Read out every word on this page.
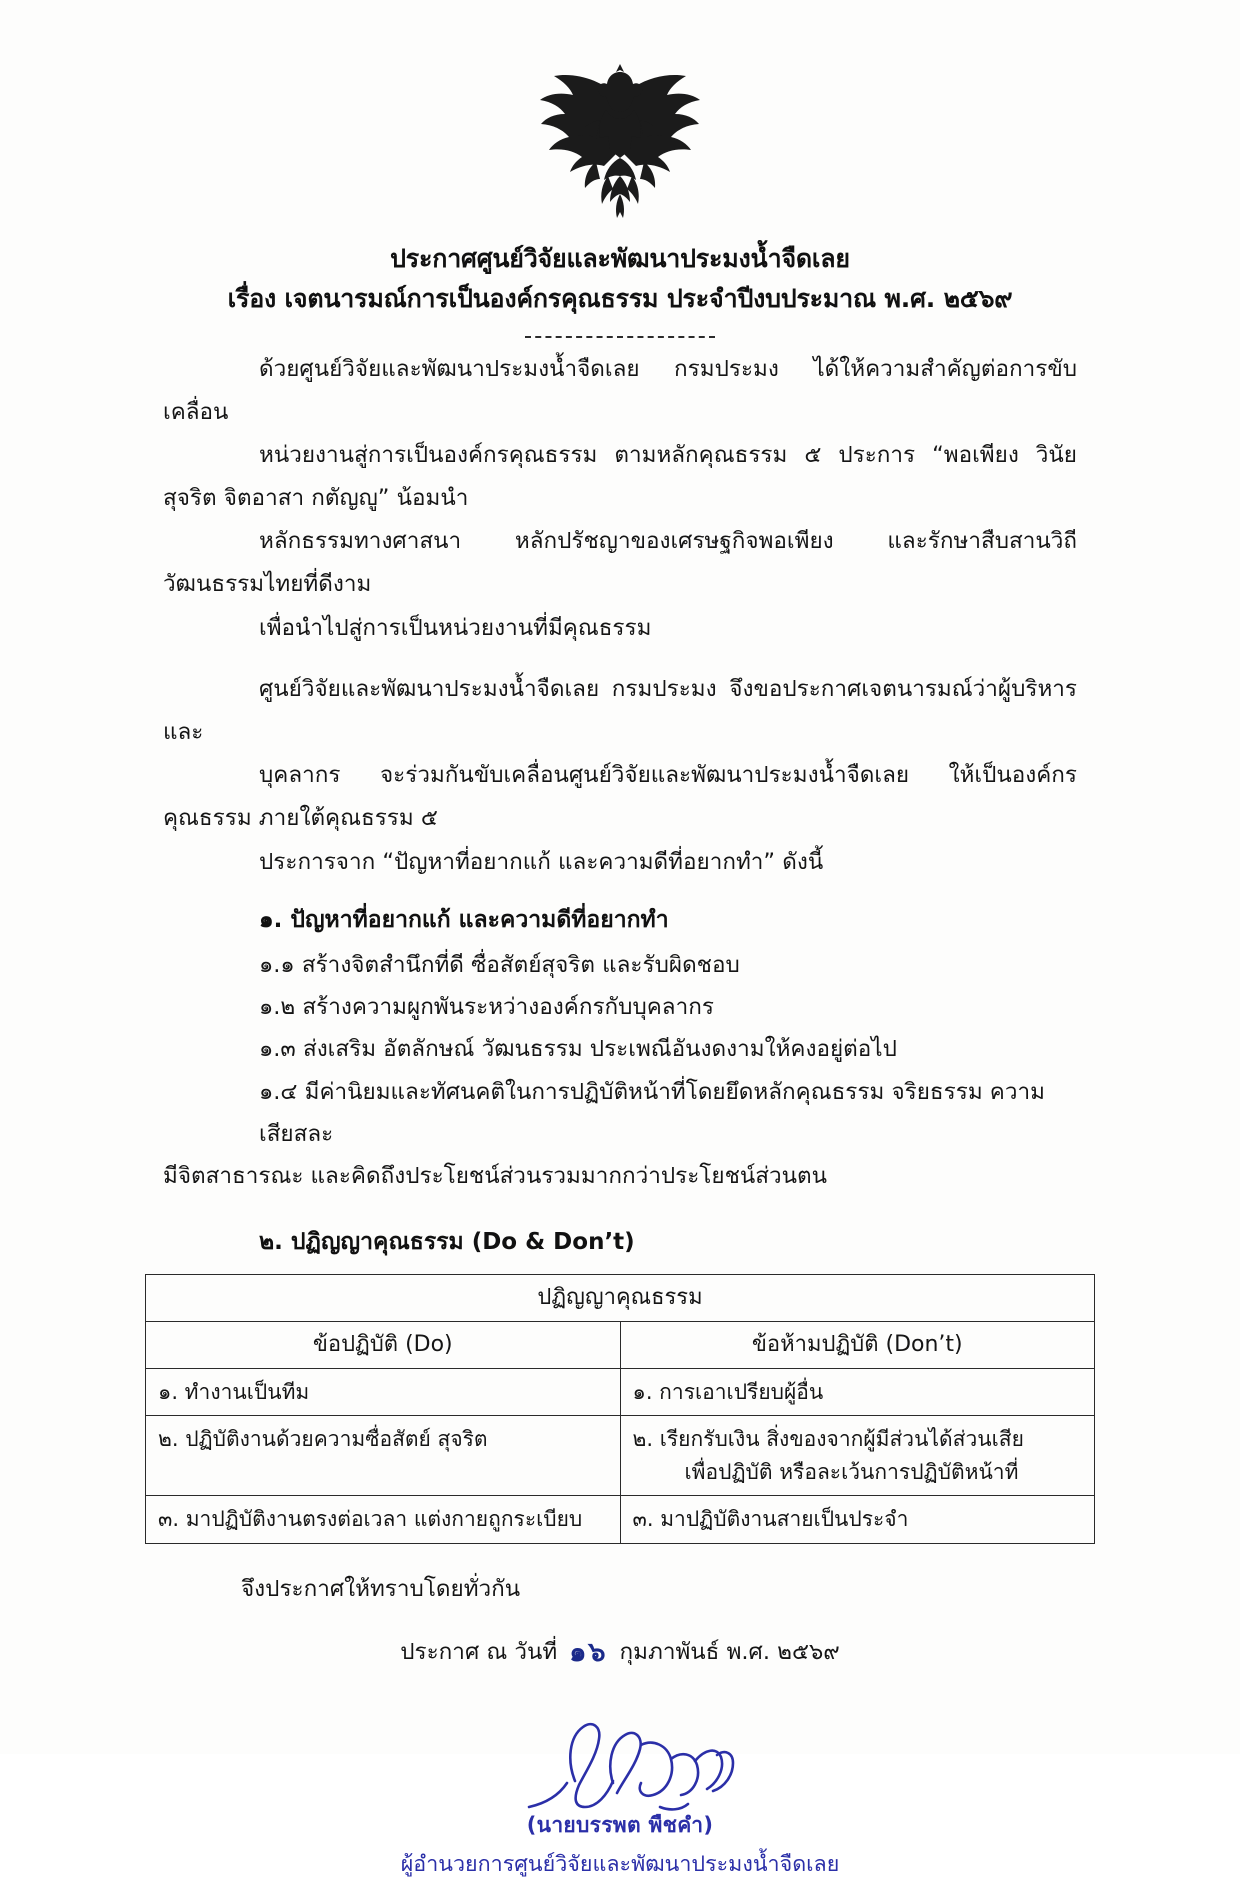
ประกาศศูนย์วิจัยและพัฒนาประมงน้ำจืดเลย
เรื่อง เจตนารมณ์การเป็นองค์กรคุณธรรม ประจำปีงบประมาณ พ.ศ. ๒๕๖๙

ด้วยศูนย์วิจัยและพัฒนาประมงน้ำจืดเลย กรมประมง ได้ให้ความสำคัญต่อการขับเคลื่อน
หน่วยงานสู่การเป็นองค์กรคุณธรรม ตามหลักคุณธรรม ๕ ประการ “พอเพียง วินัย สุจริต จิตอาสา กตัญญู” น้อมนำ
หลักธรรมทางศาสนา หลักปรัชญาของเศรษฐกิจพอเพียง และรักษาสืบสานวิถีวัฒนธรรมไทยที่ดีงาม
เพื่อนำไปสู่การเป็นหน่วยงานที่มีคุณธรรม

ศูนย์วิจัยและพัฒนาประมงน้ำจืดเลย กรมประมง จึงขอประกาศเจตนารมณ์ว่าผู้บริหารและ
บุคลากร จะร่วมกันขับเคลื่อนศูนย์วิจัยและพัฒนาประมงน้ำจืดเลย ให้เป็นองค์กรคุณธรรม ภายใต้คุณธรรม ๕
ประการจาก “ปัญหาที่อยากแก้ และความดีที่อยากทำ” ดังนี้

๑. ปัญหาที่อยากแก้ และความดีที่อยากทำ
๑.๑ สร้างจิตสำนึกที่ดี ซื่อสัตย์สุจริต และรับผิดชอบ
๑.๒ สร้างความผูกพันระหว่างองค์กรกับบุคลากร
๑.๓ ส่งเสริม อัตลักษณ์ วัฒนธรรม ประเพณีอันงดงามให้คงอยู่ต่อไป
๑.๔ มีค่านิยมและทัศนคติในการปฏิบัติหน้าที่โดยยึดหลักคุณธรรม จริยธรรม ความเสียสละ
มีจิตสาธารณะ และคิดถึงประโยชน์ส่วนรวมมากกว่าประโยชน์ส่วนตน
๒. ปฏิญญาคุณธรรม (Do & Don’t)
ปฏิญญาคุณธรรม	
ข้อปฏิบัติ (Do)	ข้อห้ามปฏิบัติ (Don’t)
๑. ทำงานเป็นทีม	๑. การเอาเปรียบผู้อื่น
๒. ปฏิบัติงานด้วยความซื่อสัตย์ สุจริต	๒. เรียกรับเงิน สิ่งของจากผู้มีส่วนได้ส่วนเสีย
เพื่อปฏิบัติ หรือละเว้นการปฏิบัติหน้าที่

๓. มาปฏิบัติงานตรงต่อเวลา แต่งกายถูกระเบียบ	๓. มาปฏิบัติงานสายเป็นประจำ
จึงประกาศให้ทราบโดยทั่วกัน
ประกาศ ณ วันที่ ๑๖ กุมภาพันธ์ พ.ศ. ๒๕๖๙
(นายบรรพต พืชคำ)
ผู้อำนวยการศูนย์วิจัยและพัฒนาประมงน้ำจืดเลย
